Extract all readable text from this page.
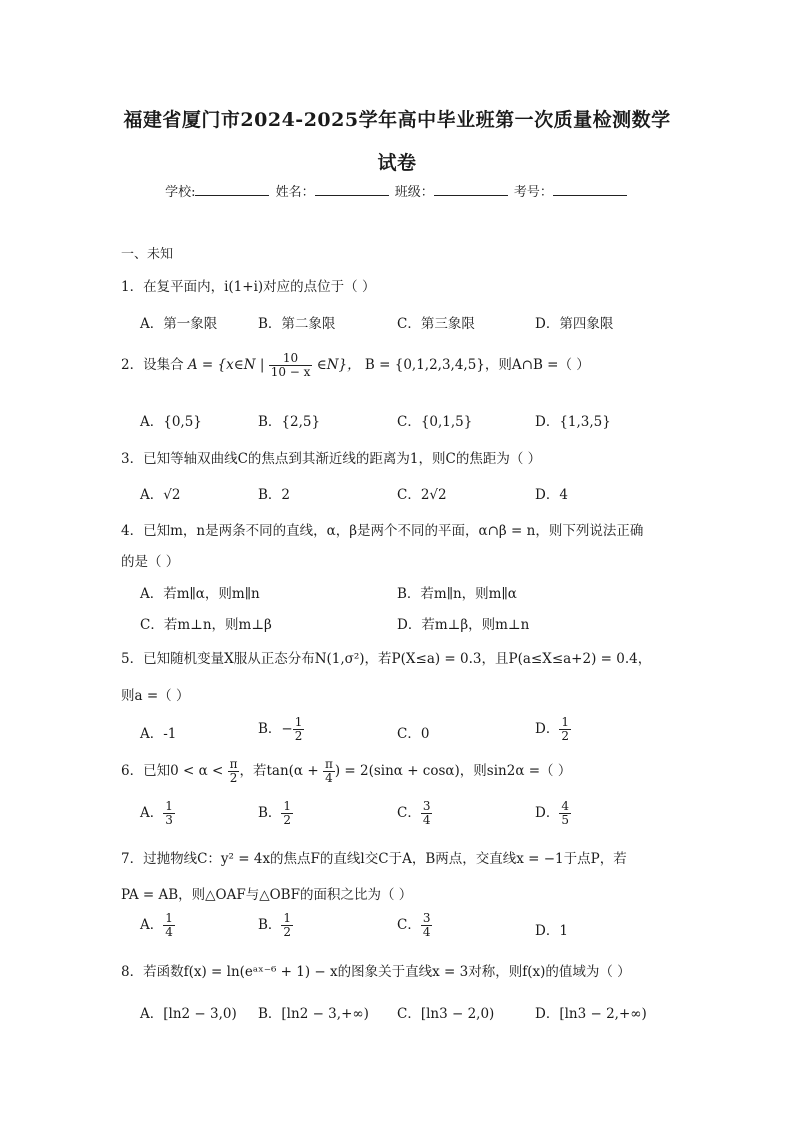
福建省厦门市2024-2025学年高中毕业班第一次质量检测数学
试卷
学校:	姓名：	班级：	考号：
一、未知
1．在复平面内，i(1+i)对应的点位于（ ）
A．第一象限	B．第二象限	C．第三象限	D．第四象限
2．设集合 A = {x∈N | $\frac{10}{10 - x}$ ∈N}， B = {0,1,2,3,4,5}，则A∩B =（ ）
A．{0,5}	B．{2,5}	C．{0,1,5}	D．{1,3,5}
3．已知等轴双曲线C的焦点到其渐近线的距离为1，则C的焦距为（ ）
A．√2	B．2	C．2√2	D．4
4．已知m，n是两条不同的直线，α，β是两个不同的平面，α∩β = n，则下列说法正确
的是（ ）
A．若m∥α，则m∥n	B．若m∥n，则m∥α
C．若m⊥n，则m⊥β	D．若m⊥β，则m⊥n
5．已知随机变量X服从正态分布N(1,σ²)，若P(X≤a) = 0.3，且P(a≤X≤a+2) = 0.4，
则a =（ ）
A．-1	B．− $\frac{1}{2}$	C．0	D． $\frac{1}{2}$
6．已知$0 < \alpha < \frac{\pi}{2}$ ，若$\tan(\alpha + \frac{\pi}{4}$ ) = 2(sinα + cosα)，则sin2α =（ ）
A． $\frac{1}{3}$	B． $\frac{1}{2}$	C． $\frac{3}{4}$	D． $\frac{4}{5}$
7．过抛物线C：y² = 4x的焦点F的直线l交C于A，B两点，交直线x = −1于点P，若
PA = AB，则△OAF与△OBF的面积之比为（ ）
A． $\frac{1}{4}$	B． $\frac{1}{2}$	C． $\frac{3}{4}$	D．1
8．若函数f(x) = ln(eᵃˣ⁻⁶ + 1) − x的图象关于直线x = 3对称，则f(x)的值域为（ ）
A．[ln2 − 3,0) B．[ln2 − 3,+∞) C．[ln3 − 2,0)	D．[ln3 − 2,+∞)
